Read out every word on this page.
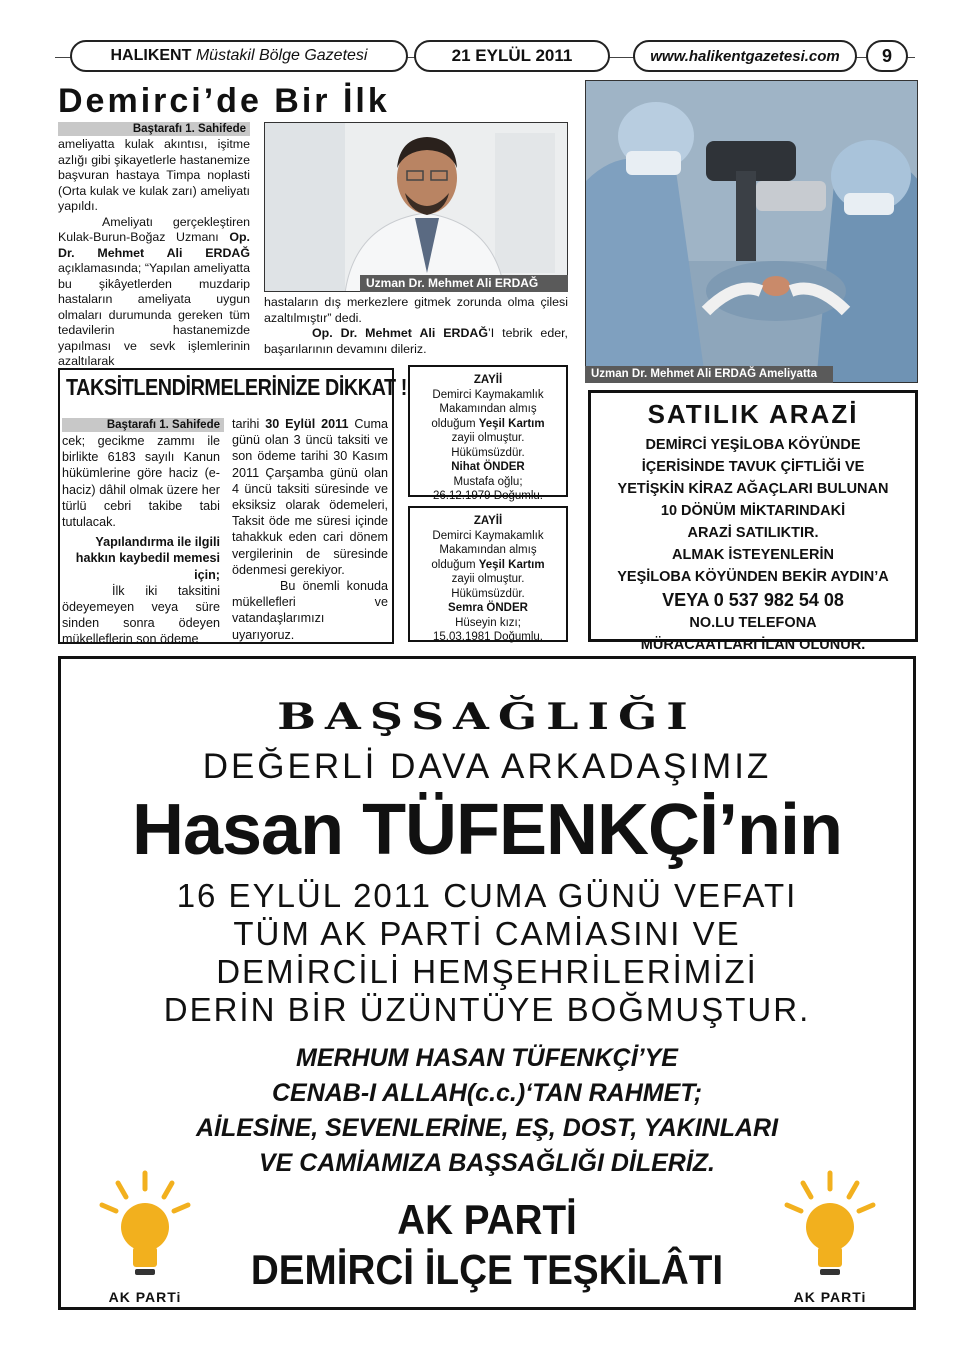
HALIKENT
Müstakil Bölge Gazetesi	21 EYLÜL 2011	www.halikentgazetesi.com	9
Demirci’de Bir İlk
Baştarafı 1. Sahifede
ameliyatta kulak akıntısı, işitme azlığı gibi şikayetlerle hastanemize başvuran hastaya Timpa noplasti (Orta kulak ve kulak zarı) ameliyatı yapıldı.
Ameliyatı gerçekleştiren Kulak-Burun-Boğaz Uzmanı Op. Dr. Mehmet Ali ERDAĞ açıklamasında; “Yapılan ameliyatta bu şikâyetlerden muzdarip hastaların ameliyata uygun olmaları durumunda gereken tüm tedavilerin hastanemizde yapılması ve sevk işlemlerinin azaltılarak
Uzman Dr. Mehmet Ali ERDAĞ
hastaların dış merkezlere gitmek zorunda olma çilesi azaltılmıştır” dedi.
Op. Dr. Mehmet Ali ERDAĞ’I tebrik eder, başarılarının devamını dileriz.
Uzman Dr. Mehmet Ali ERDAĞ Ameliyatta
TAKSİTLENDİRMELERİNİZE DİKKAT !
Baştarafı 1. Sahifede
cek; gecikme zammı ile birlikte 6183 sayılı Kanun hükümlerine göre haciz (e-haciz) dâhil olmak üzere her türlü cebri takibe tabi tutulacak.
Yapılandırma ile ilgili hakkın kaybedil memesi için;
İlk iki taksitini ödeyemeyen veya süre sinden sonra ödeyen mükelleflerin son ödeme
tarihi 30 Eylül 2011 Cuma günü olan 3 üncü taksiti ve son ödeme tarihi 30 Kasım 2011 Çarşamba günü olan 4 üncü taksiti süresinde ve eksiksiz olarak ödemeleri, Taksit öde me süresi içinde tahakkuk eden cari dönem vergilerinin de süresinde ödenmesi gerekiyor.
Bu önemli konuda mükellefleri ve vatandaşlarımızı uyarıyoruz.
ZAYİİ
Demirci Kaymakamlık
Makamından almış
olduğum Yeşil Kartım
zayii olmuştur.
Hükümsüzdür.
Nihat ÖNDER
Mustafa oğlu;
26.12.1979 Doğumlu.
ZAYİİ
Demirci Kaymakamlık
Makamından almış
olduğum Yeşil Kartım
zayii olmuştur.
Hükümsüzdür.
Semra ÖNDER
Hüseyin kızı;
15.03.1981 Doğumlu.
SATILIK ARAZİ
DEMİRCİ YEŞİLOBA KÖYÜNDE
İÇERİSİNDE TAVUK ÇİFTLİĞİ VE
YETİŞKİN KİRAZ AĞAÇLARI BULUNAN
10 DÖNÜM MİKTARINDAKİ
ARAZİ SATILIKTIR.
ALMAK İSTEYENLERİN
YEŞİLOBA KÖYÜNDEN BEKİR AYDIN’A
VEYA 0 537 982 54 08
NO.LU TELEFONA
MÜRACAATLARI İLAN OLUNUR.
BAŞSAĞLIĞI
DEĞERLİ DAVA ARKADAŞIMIZ
Hasan TÜFENKÇİ’nin
16 EYLÜL 2011 CUMA GÜNÜ VEFATI
TÜM AK PARTİ CAMİASINI VE
DEMİRCİLİ HEMŞEHRİLERİMİZİ
DERİN BİR ÜZÜNTÜYE BOĞMUŞTUR.
MERHUM HASAN TÜFENKÇİ’YE
CENAB-I ALLAH(c.c.)‘TAN RAHMET;
AİLESİNE, SEVENLERİNE, EŞ, DOST, YAKINLARI
VE CAMİAMIZA BAŞSAĞLIĞI DİLERİZ.
AK PARTİ
DEMİRCİ İLÇE TEŞKİLÂTI
AK PARTi	AK PARTi
